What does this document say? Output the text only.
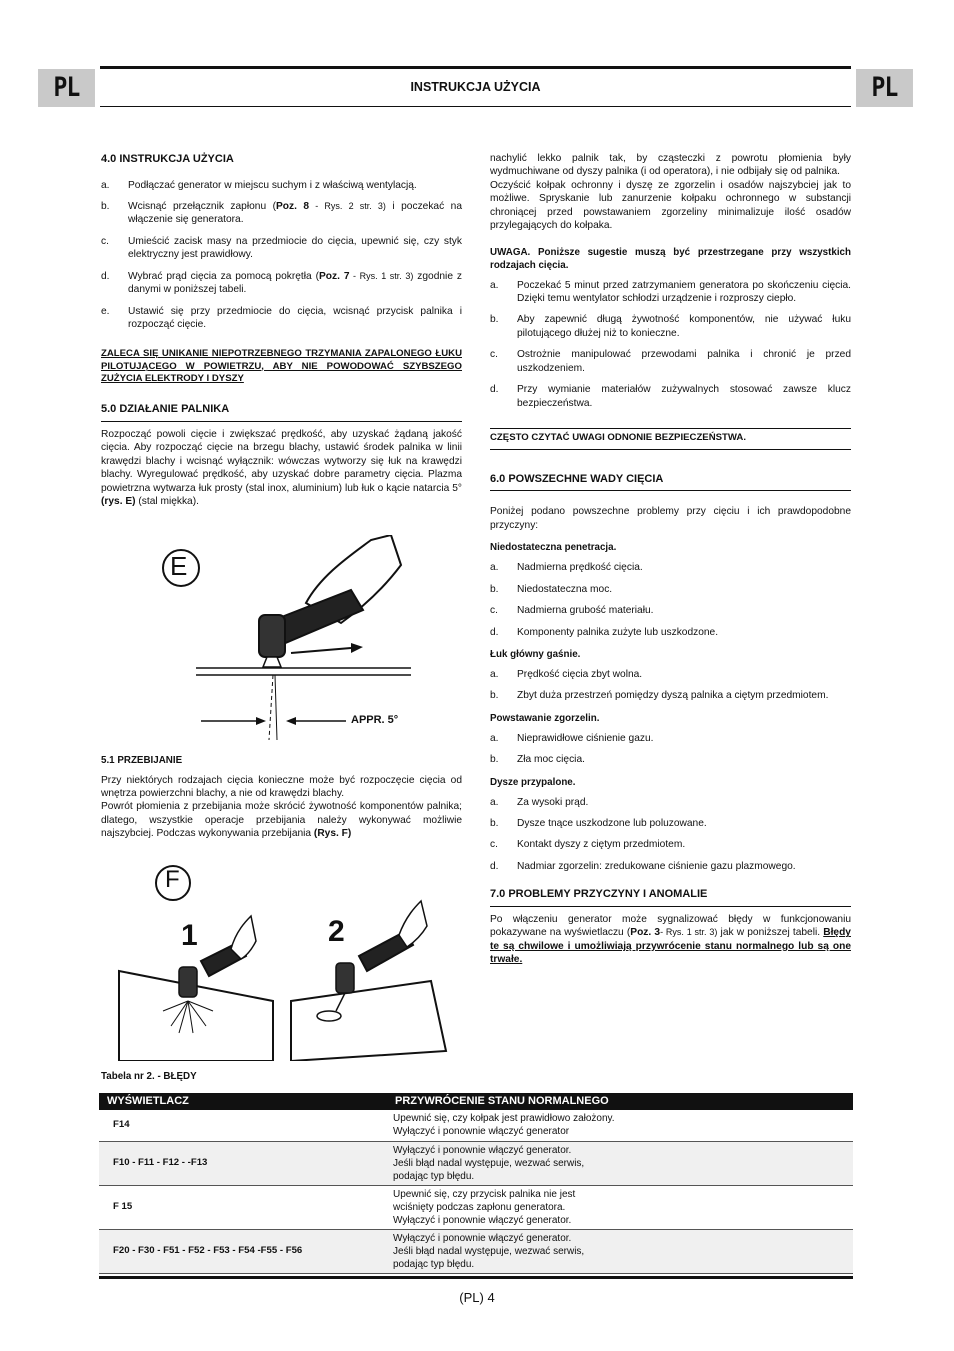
PL	PL
INSTRUKCJA UŻYCIA
4.0 INSTRUKCJA UŻYCIA
a. Podłączać generator w miejscu suchym i z właściwą wentylacją.
b. Wcisnąć przełącznik zapłonu (Poz. 8 - Rys. 2 str. 3) i poczekać na włączenie się generatora.
c. Umieścić zacisk masy na przedmiocie do cięcia, upewnić się, czy styk elektryczny jest prawidłowy.
d. Wybrać prąd cięcia za pomocą pokrętła (Poz. 7 - Rys. 1 str. 3) zgodnie z danymi w poniższej tabeli.
e. Ustawić się przy przedmiocie do cięcia, wcisnąć przycisk palnika i rozpocząć cięcie.

ZALECA SIĘ UNIKANIE NIEPOTRZEBNEGO TRZYMANIA ZAPALONEGO ŁUKU PILOTUJĄCEGO W POWIETRZU, ABY NIE POWODOWAĆ SZYBSZEGO ZUŻYCIA ELEKTRODY I DYSZY

5.0 DZIAŁANIE PALNIKA

Rozpocząć powoli cięcie i zwiększać prędkość, aby uzyskać żądaną jakość cięcia. Aby rozpocząć cięcie na brzegu blachy, ustawić środek palnika w linii krawędzi blachy i wcisnąć wyłącznik: wówczas wytworzy się łuk na krawędzi blachy. Wyregulować prędkość, aby uzyskać dobre parametry cięcia. Plazma powietrzna wytwarza łuk prosty (stal inox, aluminium) lub łuk o kącie natarcia 5° (rys. E) (stal miękka).

E
APPR. 5°
5.1 PRZEBIJANIE

Przy niektórych rodzajach cięcia konieczne może być rozpoczęcie cięcia od wnętrza powierzchni blachy, a nie od krawędzi blachy.

Powrót płomienia z przebijania może skrócić żywotność komponentów palnika; dlatego, wszystkie operacje przebijania należy wykonywać możliwie najszybciej. Podczas wykonywania przebijania (Rys. F)

F
1	2

nachylić lekko palnik tak, by cząsteczki z powrotu płomienia były wydmuchiwane od dyszy palnika (i od operatora), i nie odbijały się od palnika.

Oczyścić kołpak ochronny i dyszę ze zgorzelin i osadów najszybciej jak to możliwe. Spryskanie lub zanurzenie kołpaku ochronnego w substancji chroniącej przed powstawaniem zgorzeliny minimalizuje ilość osadów przylegających do kołpaka.

UWAGA. Poniższe sugestie muszą być przestrzegane przy wszystkich rodzajach cięcia.

a. Poczekać 5 minut przed zatrzymaniem generatora po skończeniu cięcia. Dzięki temu wentylator schłodzi urządzenie i rozproszy ciepło.
b. Aby zapewnić długą żywotność komponentów, nie używać łuku pilotującego dłużej niż to konieczne.
c. Ostrożnie manipulować przewodami palnika i chronić je przed uszkodzeniem.
d. Przy wymianie materiałów zużywalnych stosować zawsze klucz bezpieczeństwa.
CZĘSTO CZYTAĆ UWAGI ODNONIE BEZPIECZEŃSTWA.
6.0 POWSZECHNE WADY CIĘCIA

Poniżej podano powszechne problemy przy cięciu i ich prawdopodobne przyczyny:

Niedostateczna penetracja.
a. Nadmierna prędkość cięcia.
b. Niedostateczna moc.
c. Nadmierna grubość materiału.
d. Komponenty palnika zużyte lub uszkodzone.
Łuk główny gaśnie.
a. Prędkość cięcia zbyt wolna.
b. Zbyt duża przestrzeń pomiędzy dyszą palnika a ciętym przedmiotem.
Powstawanie zgorzelin.
a. Nieprawidłowe ciśnienie gazu.
b. Zła moc cięcia.
Dysze przypalone.
a. Za wysoki prąd.
b. Dysze tnące uszkodzone lub poluzowane.
c. Kontakt dyszy z ciętym przedmiotem.
d. Nadmiar zgorzelin: zredukowane ciśnienie gazu plazmowego.
7.0 PROBLEMY PRZYCZYNY I ANOMALIE

Po włączeniu generator może sygnalizować błędy w funkcjonowaniu pokazywane na wyświetlaczu (Poz. 3- Rys. 1 str. 3) jak w poniższej tabeli. Błędy te są chwilowe i umożliwiają przywrócenie stanu normalnego lub są one trwałe.

Tabela nr 2. - BŁĘDY
WYŚWIETLACZ	PRZYWRÓCENIE STANU NORMALNEGO
F14	Upewnić się, czy kołpak jest prawidłowo założony.
Wyłączyć i ponownie włączyć generator

F10 - F11 - F12 - -F13	Wyłączyć i ponownie włączyć generator.
Jeśli błąd nadal występuje, wezwać serwis,
podając typ błędu.

F 15	Upewnić się, czy przycisk palnika nie jest
wciśnięty podczas zapłonu generatora.
Wyłączyć i ponownie włączyć generator.

F20 - F30 - F51 - F52 - F53 - F54 -F55 - F56	Wyłączyć i ponownie włączyć generator.
Jeśli błąd nadal występuje, wezwać serwis,
podając typ błędu.
(PL) 4
